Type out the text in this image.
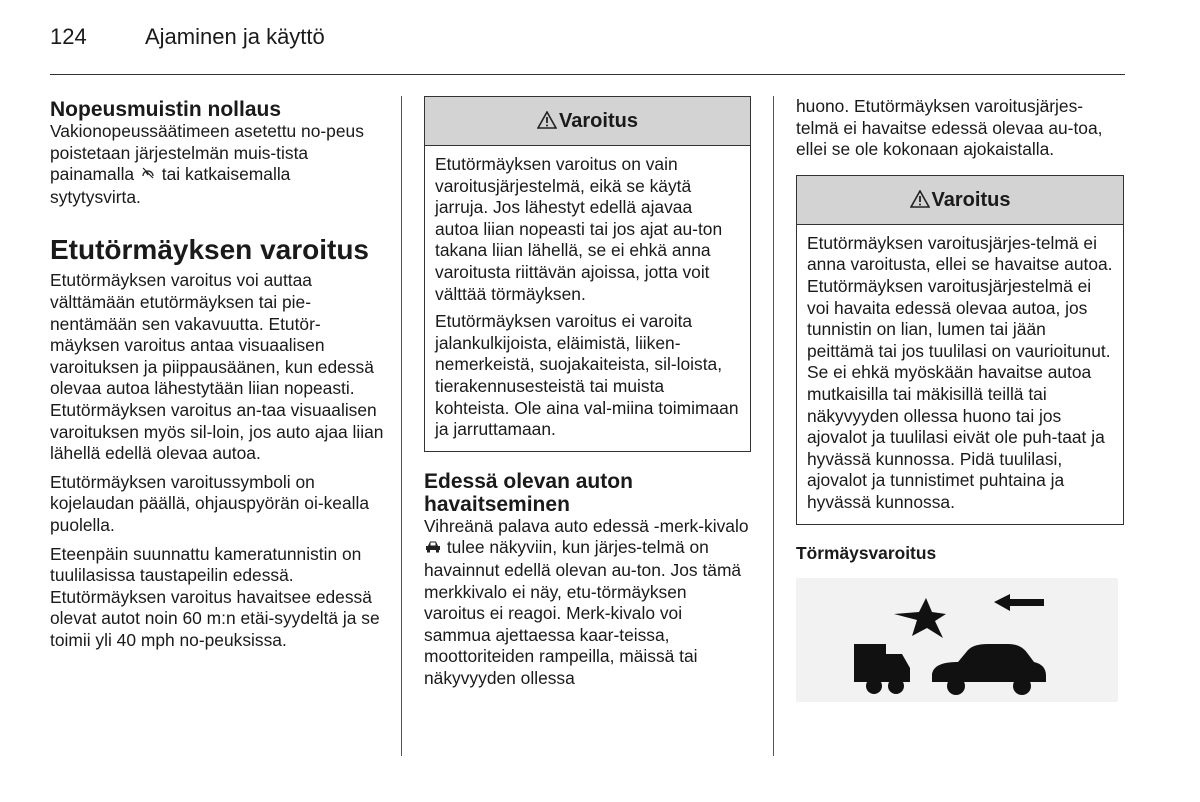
124	Ajaminen ja käyttö
Nopeusmuistin nollaus

Vakionopeussäätimeen asetettu no-peus poistetaan järjestelmän muis-tista painamalla tai katkaisemalla sytytysvirta.

Etutörmäyksen varoitus

Etutörmäyksen varoitus voi auttaa välttämään etutörmäyksen tai pie-nentämään sen vakavuutta. Etutör-mäyksen varoitus antaa visuaalisen varoituksen ja piippausäänen, kun edessä olevaa autoa lähestytään liian nopeasti. Etutörmäyksen varoitus an-taa visuaalisen varoituksen myös sil-loin, jos auto ajaa liian lähellä edellä olevaa autoa.

Etutörmäyksen varoitussymboli on kojelaudan päällä, ohjauspyörän oi-kealla puolella.

Eteenpäin suunnattu kameratunnistin on tuulilasissa taustapeilin edessä. Etutörmäyksen varoitus havaitsee edessä olevat autot noin 60 m:n etäi-syydeltä ja se toimii yli 40 mph no-peuksissa.

Varoitus

Etutörmäyksen varoitus on vain varoitusjärjestelmä, eikä se käytä jarruja. Jos lähestyt edellä ajavaa autoa liian nopeasti tai jos ajat au-ton takana liian lähellä, se ei ehkä anna varoitusta riittävän ajoissa, jotta voit välttää törmäyksen.

Etutörmäyksen varoitus ei varoita jalankulkijoista, eläimistä, liiken-nemerkeistä, suojakaiteista, sil-loista, tierakennusesteistä tai muista kohteista. Ole aina val-miina toimimaan ja jarruttamaan.

Edessä olevan auton havaitseminen

Vihreänä palava auto edessä -merk-kivalo  tulee näkyviin, kun järjes-telmä on havainnut edellä olevan au-ton. Jos tämä merkkivalo ei näy, etu-törmäyksen varoitus ei reagoi. Merk-kivalo voi sammua ajettaessa kaar-teissa, moottoriteiden rampeilla, mäissä tai näkyvyyden ollessa

huono. Etutörmäyksen varoitusjärjes-telmä ei havaitse edessä olevaa au-toa, ellei se ole kokonaan ajokaistalla.

Varoitus

Etutörmäyksen varoitusjärjes-telmä ei anna varoitusta, ellei se havaitse autoa. Etutörmäyksen varoitusjärjestelmä ei voi havaita edessä olevaa autoa, jos tunnistin on lian, lumen tai jään peittämä tai jos tuulilasi on vaurioitunut. Se ei ehkä myöskään havaitse autoa mutkaisilla tai mäkisillä teillä tai näkyvyyden ollessa huono tai jos ajovalot ja tuulilasi eivät ole puh-taat ja hyvässä kunnossa. Pidä tuulilasi, ajovalot ja tunnistimet puhtaina ja hyvässä kunnossa.

Törmäysvaroitus
